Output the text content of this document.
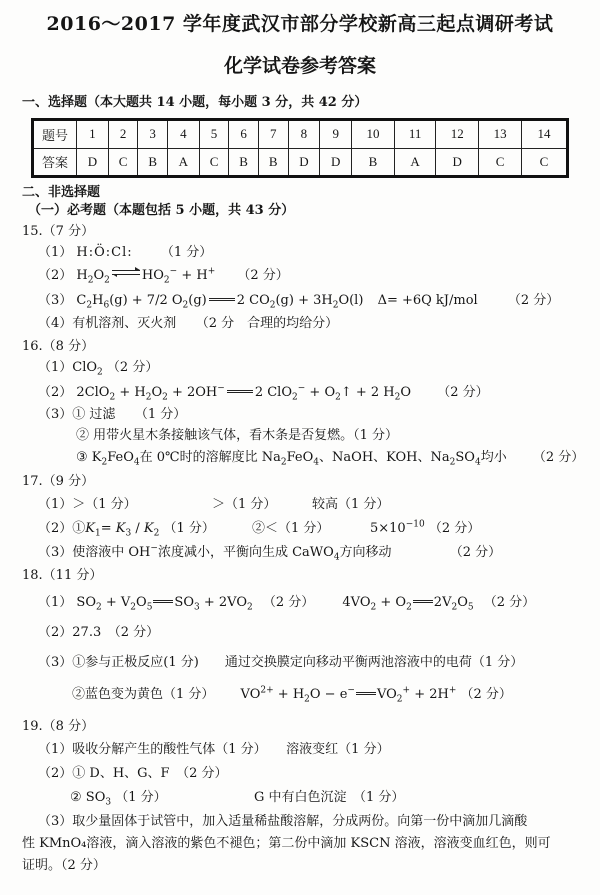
2016～2017 学年度武汉市部分学校新高三起点调研考试
化学试卷参考答案
一、选择题（本大题共 14 小题，每小题 3 分，共 42 分）
题号	1	2	3	4	5	6	7	8	9	10	11	12	13	14
答案	D	C	B	A	C	B	B	D	D	B	A	D	C	C
二、非选择题
（一）必考题（本题包括 5 小题，共 43 分）
15.（7 分）
（1） H:Ö:Cl: （1 分）
（2） $H_2O_2$ $HO_2^- + H^+$ （2 分）
（3） $C_2H_6(g) + 7/2$ $O_2(g)$ 2 $CO_2(g) + 3H_2O(l)$ Δ= +6Q kJ/mol （2 分）
（4）有机溶剂、灭火剂　　（2 分　合理的均给分）
16.（8 分）
（1）ClO$_2$ （2 分）
（2） $2ClO_2 + H_2O_2 + 2OH^-$ 2 $ClO_2^- + O_2↑ + 2$ $H_2O$ （2 分）
（3）① 过滤　　（1 分）
② 用带火星木条接触该气体，看木条是否复燃。（1 分）
③ $K_2FeO_4$在 0℃时的溶解度比 $Na_2FeO_4$、NaOH、KOH、$Na_2SO_4$均小 （2 分）
17.（9 分）
（1）＞（1 分）	＞（1 分）	较高（1 分）
$(2)①K_1= K_3 / K_2$ （1 分）	②＜（1 分）	$5\times 10^{-10}$ （2 分）
（3）使溶液中 OH−浓度减小，平衡向生成 CaWO$_4$方向移动	（2 分）
18.（11 分）
（1） $SO_2 + V_2O_5$ $SO_3 + 2VO_2$ （2 分） $4VO_2 + O_2$ $2V_2O_5$ （2 分）
（2）27.3　（2 分）
（3）①参与正极反应(1 分)　　通过交换膜定向移动平衡两池溶液中的电荷（1 分）
②蓝色变为黄色（1 分） $VO^{2+} + H_2O - e^-$ $VO_2^+ + 2H^+$ （2 分）
19.（8 分）
（1）吸收分解产生的酸性气体（1 分）　　溶液变红（1 分）
（2）① D、H、G、F　（2 分）
② $SO_3$ （1 分）	G 中有白色沉淀　（1 分）
（3）取少量固体于试管中，加入适量稀盐酸溶解，分成两份。向第一份中滴加几滴酸
性 KMnO₄溶液，滴入溶液的紫色不褪色；第二份中滴加 KSCN 溶液，溶液变血红色，则可
证明。（2 分）
